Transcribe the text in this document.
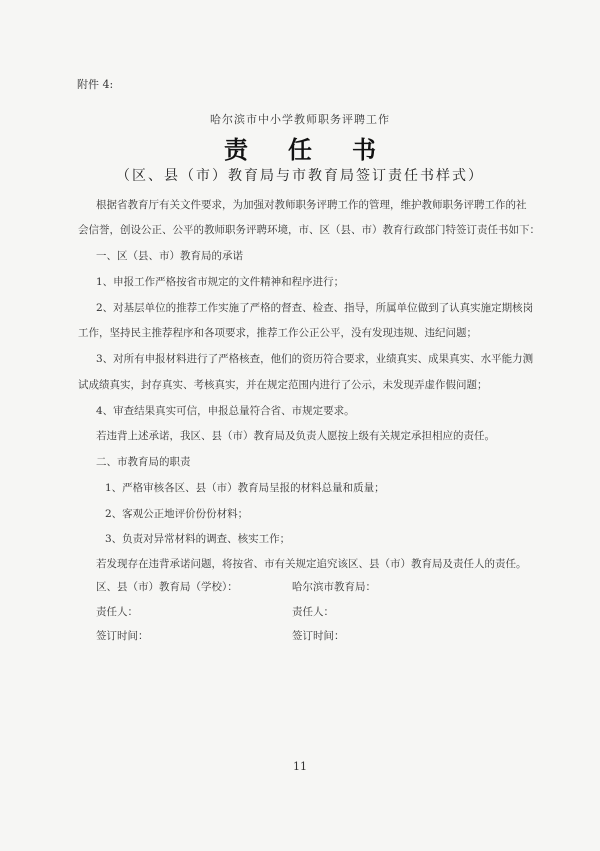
附件 4:
哈尔滨市中小学教师职务评聘工作
责任书
（区、县（市）教育局与市教育局签订责任书样式）
根据省教育厅有关文件要求，为加强对教师职务评聘工作的管理，维护教师职务评聘工作的社
会信誉，创设公正、公平的教师职务评聘环境，市、区（县、市）教育行政部门特签订责任书如下：
一、区（县、市）教育局的承诺
1、申报工作严格按省市规定的文件精神和程序进行；
2、对基层单位的推荐工作实施了严格的督查、检查、指导，所属单位做到了认真实施定期核岗
工作，坚持民主推荐程序和各项要求，推荐工作公正公平，没有发现违规、违纪问题；
3、对所有申报材料进行了严格核查，他们的资历符合要求，业绩真实、成果真实、水平能力测
试成绩真实，封存真实、考核真实，并在规定范围内进行了公示，未发现弄虚作假问题；
4、审查结果真实可信，申报总量符合省、市规定要求。
若违背上述承诺，我区、县（市）教育局及负责人愿按上级有关规定承担相应的责任。
二、市教育局的职责
1、严格审核各区、县（市）教育局呈报的材料总量和质量；
2、客观公正地评价份份材料；
3、负责对异常材料的调查、核实工作；
若发现存在违背承诺问题，将按省、市有关规定追究该区、县（市）教育局及责任人的责任。
区、县（市）教育局（学校）：	哈尔滨市教育局：
责任人：	责任人：
签订时间：	签订时间：
11
